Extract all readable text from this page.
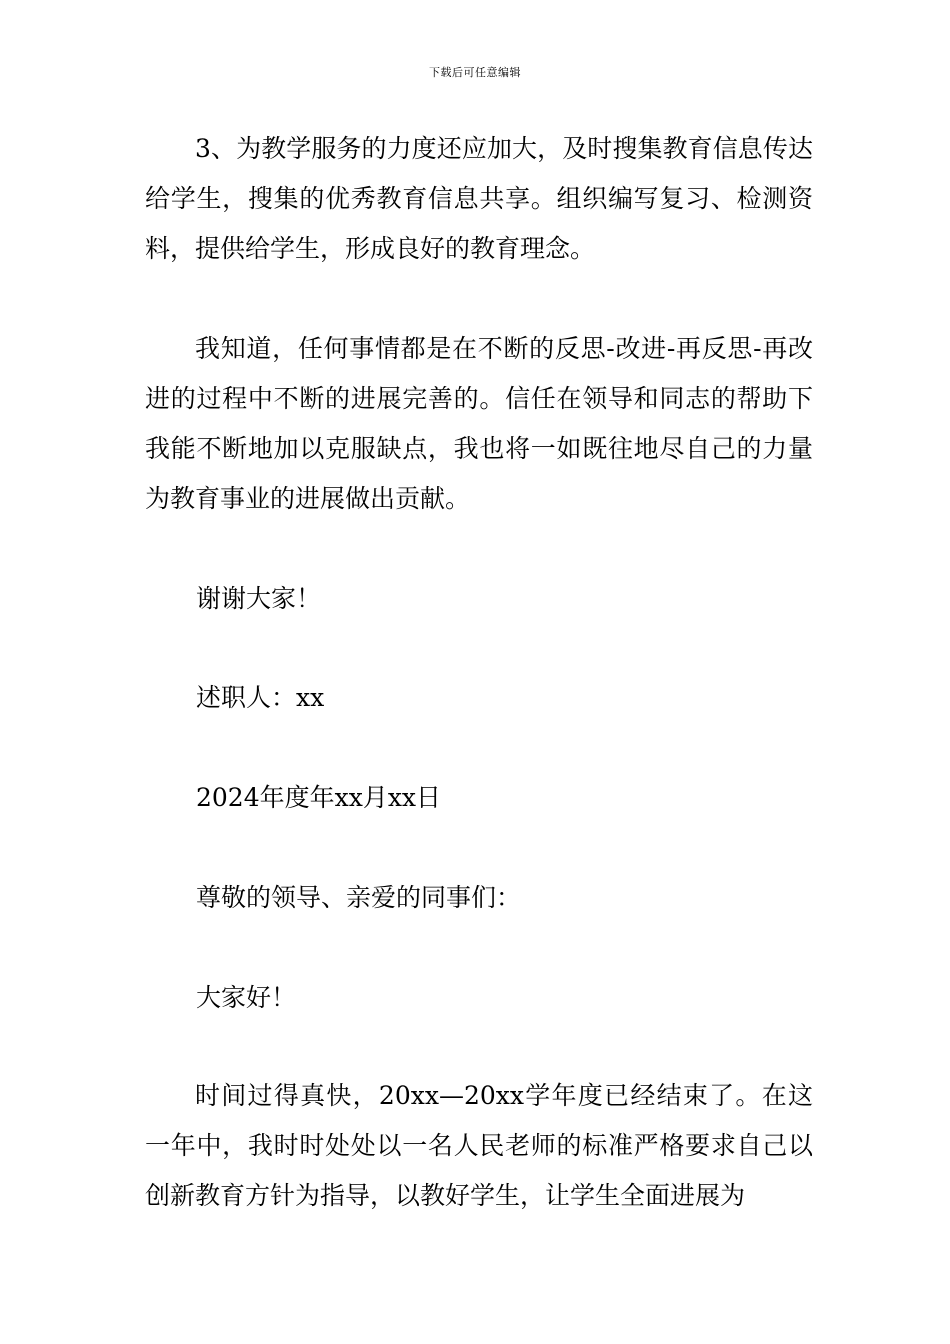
下载后可任意编辑

3、为教学服务的力度还应加大，及时搜集教育信息传达给学生，搜集的优秀教育信息共享。组织编写复习、检测资料，提供给学生，形成良好的教育理念。

我知道，任何事情都是在不断的反思-改进-再反思-再改进的过程中不断的进展完善的。信任在领导和同志的帮助下我能不断地加以克服缺点，我也将一如既往地尽自己的力量为教育事业的进展做出贡献。

谢谢大家！

述职人：xx

2024年度年xx月xx日

尊敬的领导、亲爱的同事们：

大家好！

时间过得真快，20xx—20xx学年度已经结束了。在这一年中，我时时处处以一名人民老师的标准严格要求自己以创新教育方针为指导，以教好学生，让学生全面进展为
